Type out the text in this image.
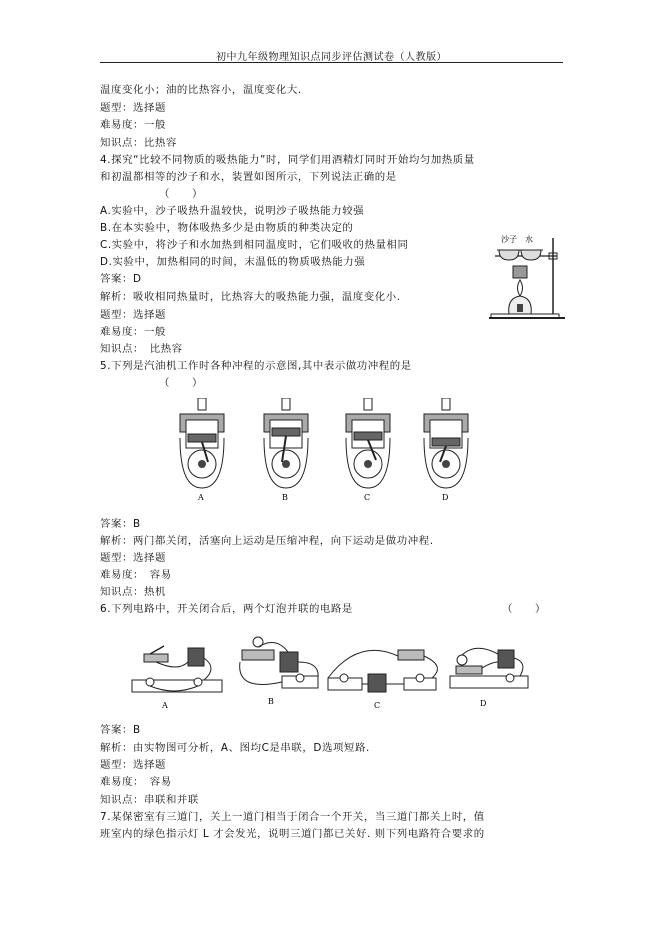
初中九年级物理知识点同步评估测试卷（人教版）
温度变化小；油的比热容小，温度变化大.
题型：选择题
难易度：一般
知识点：比热容
4.探究“比较不同物质的吸热能力”时，同学们用酒精灯同时开始均匀加热质量
和初温都相等的沙子和水，装置如图所示，下列说法正确的是
（　　）
A.实验中，沙子吸热升温较快，说明沙子吸热能力较强
B.在本实验中，物体吸热多少是由物质的种类决定的
C.实验中，将沙子和水加热到相同温度时，它们吸收的热量相同
D.实验中，加热相同的时间，末温低的物质吸热能力强
答案：D
解析：吸收相同热量时，比热容大的吸热能力强，温度变化小.
题型：选择题
难易度：一般
知识点：　比热容
5.下列是汽油机工作时各种冲程的示意图,其中表示做功冲程的是
（　　）
答案：B
解析：两门都关闭，活塞向上运动是压缩冲程，向下运动是做功冲程.
题型：选择题
难易度：　容易
知识点：热机
6.下列电路中，开关闭合后，两个灯泡并联的电路是	（　　）
答案：B
解析：由实物图可分析，A、图均C是串联，D选项短路.
题型：选择题
难易度：　容易
知识点：串联和并联
7.某保密室有三道门，关上一道门相当于闭合一个开关，当三道门都关上时，值
班室内的绿色指示灯 L 才会发光，说明三道门都已关好. 则下列电路符合要求的
沙子 水
A	B	C	D
A	B	C	D
